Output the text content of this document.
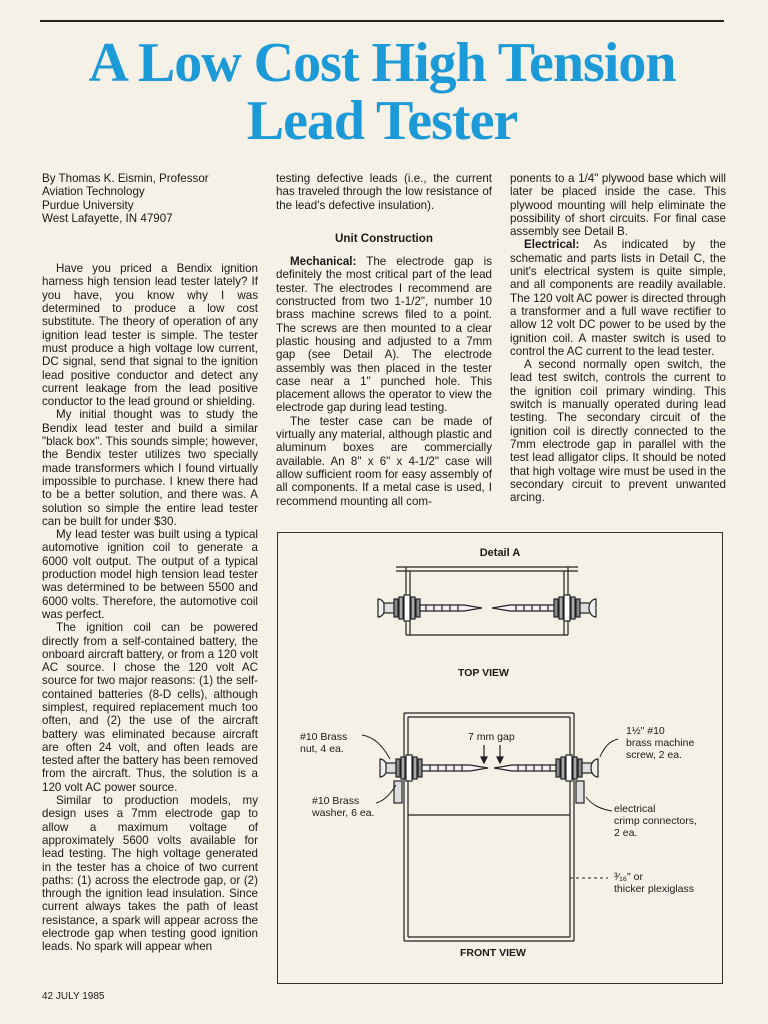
A Low Cost High Tension Lead Tester
By Thomas K. Eismin, Professor
Aviation Technology
Purdue University
West Lafayette, IN 47907

Have you priced a Bendix ignition harness high tension lead tester lately? If you have, you know why I was determined to produce a low cost substitute. The theory of operation of any ignition lead tester is simple. The tester must produce a high voltage low current, DC signal, send that signal to the ignition lead positive conductor and detect any current leakage from the lead positive conductor to the lead ground or shielding.

My initial thought was to study the Bendix lead tester and build a similar "black box". This sounds simple; however, the Bendix tester utilizes two specially made transformers which I found virtually impossible to purchase. I knew there had to be a better solution, and there was. A solution so simple the entire lead tester can be built for under $30.

My lead tester was built using a typical automotive ignition coil to generate a 6000 volt output. The output of a typical production model high tension lead tester was determined to be between 5500 and 6000 volts. Therefore, the automotive coil was perfect.

The ignition coil can be powered directly from a self-contained battery, the onboard aircraft battery, or from a 120 volt AC source. I chose the 120 volt AC source for two major reasons: (1) the self-contained batteries (8-D cells), although simplest, required replacement much too often, and (2) the use of the aircraft battery was eliminated because aircraft are often 24 volt, and often leads are tested after the battery has been removed from the aircraft. Thus, the solution is a 120 volt AC power source.

Similar to production models, my design uses a 7mm electrode gap to allow a maximum voltage of approximately 5600 volts available for lead testing. The high voltage generated in the tester has a choice of two current paths: (1) across the electrode gap, or (2) through the ignition lead insulation. Since current always takes the path of least resistance, a spark will appear across the electrode gap when testing good ignition leads. No spark will appear when

testing defective leads (i.e., the current has traveled through the low resistance of the lead's defective insulation).

Unit Construction

Mechanical: The electrode gap is definitely the most critical part of the lead tester. The electrodes I recommend are constructed from two 1-1/2", number 10 brass machine screws filed to a point. The screws are then mounted to a clear plastic housing and adjusted to a 7mm gap (see Detail A). The electrode assembly was then placed in the tester case near a 1" punched hole. This placement allows the operator to view the electrode gap during lead testing.

The tester case can be made of virtually any material, although plastic and aluminum boxes are commercially available. An 8" x 6" x 4-1/2" case will allow sufficient room for easy assembly of all components. If a metal case is used, I recommend mounting all com-

ponents to a 1/4" plywood base which will later be placed inside the case. This plywood mounting will help eliminate the possibility of short circuits. For final case assembly see Detail B.

Electrical: As indicated by the schematic and parts lists in Detail C, the unit's electrical system is quite simple, and all components are readily available. The 120 volt AC power is directed through a transformer and a full wave rectifier to allow 12 volt DC power to be used by the ignition coil. A master switch is used to control the AC current to the lead tester.

A second normally open switch, the lead test switch, controls the current to the ignition coil primary winding. This switch is manually operated during lead testing. The secondary circuit of the ignition coil is directly connected to the 7mm electrode gap in parallel with the test lead alligator clips. It should be noted that high voltage wire must be used in the secondary circuit to prevent unwanted arcing.

Detail A
TOP VIEW
FRONT VIEW
7 mm gap
#10 Brass
nut, 4 ea.
#10 Brass
washer, 6 ea.
1½" #10
brass machine
screw, 2 ea.
electrical
crimp connectors,
2 ea.
³⁄₁₆" or
thicker plexiglass
42 JULY 1985
